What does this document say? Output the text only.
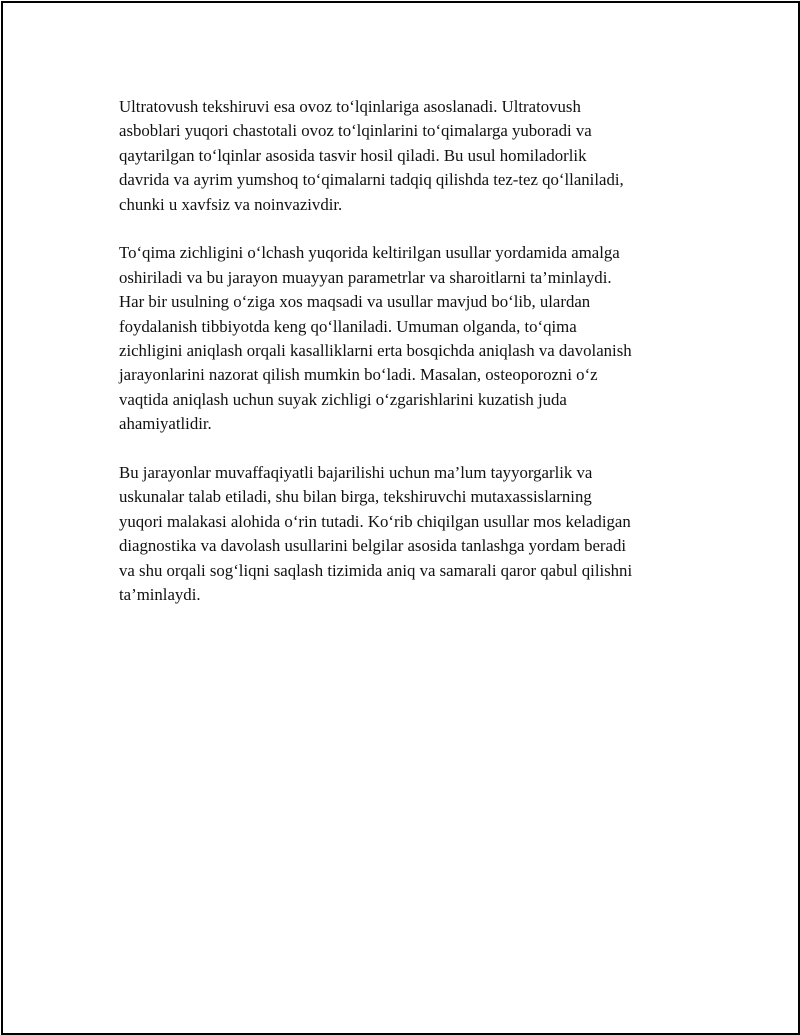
Ultratovush tekshiruvi esa ovoz to‘lqinlariga asoslanadi. Ultratovush
asboblari yuqori chastotali ovoz to‘lqinlarini to‘qimalarga yuboradi va
qaytarilgan to‘lqinlar asosida tasvir hosil qiladi. Bu usul homiladorlik
davrida va ayrim yumshoq to‘qimalarni tadqiq qilishda tez-tez qo‘llaniladi,
chunki u xavfsiz va noinvazivdir.

To‘qima zichligini o‘lchash yuqorida keltirilgan usullar yordamida amalga
oshiriladi va bu jarayon muayyan parametrlar va sharoitlarni ta’minlaydi.
Har bir usulning o‘ziga xos maqsadi va usullar mavjud bo‘lib, ulardan
foydalanish tibbiyotda keng qo‘llaniladi. Umuman olganda, to‘qima
zichligini aniqlash orqali kasalliklarni erta bosqichda aniqlash va davolanish
jarayonlarini nazorat qilish mumkin bo‘ladi. Masalan, osteoporozni o‘z
vaqtida aniqlash uchun suyak zichligi o‘zgarishlarini kuzatish juda
ahamiyatlidir.

Bu jarayonlar muvaffaqiyatli bajarilishi uchun ma’lum tayyorgarlik va
uskunalar talab etiladi, shu bilan birga, tekshiruvchi mutaxassislarning
yuqori malakasi alohida o‘rin tutadi. Ko‘rib chiqilgan usullar mos keladigan
diagnostika va davolash usullarini belgilar asosida tanlashga yordam beradi
va shu orqali sog‘liqni saqlash tizimida aniq va samarali qaror qabul qilishni
ta’minlaydi.
